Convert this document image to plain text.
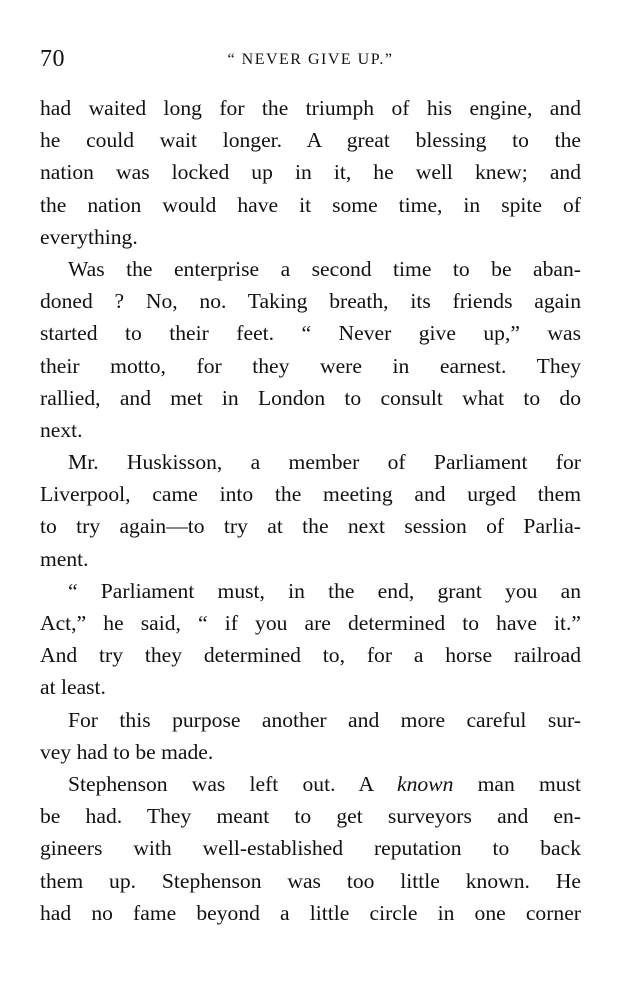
70	“ NEVER GIVE UP.”
had waited long for the triumph of his engine, and
he could wait longer. A great blessing to the
nation was locked up in it, he well knew; and
the nation would have it some time, in spite of
everything.
Was the enterprise a second time to be aban-
doned ? No, no. Taking breath, its friends again
started to their feet. “ Never give up,” was
their motto, for they were in earnest. They
rallied, and met in London to consult what to do
next.
Mr. Huskisson, a member of Parliament for
Liverpool, came into the meeting and urged them
to try again—to try at the next session of Parlia-
ment.
“ Parliament must, in the end, grant you an
Act,” he said, “ if you are determined to have it.”
And try they determined to, for a horse railroad
at least.
For this purpose another and more careful sur-
vey had to be made.
Stephenson was left out. A known man must
be had. They meant to get surveyors and en-
gineers with well-established reputation to back
them up. Stephenson was too little known. He
had no fame beyond a little circle in one corner
